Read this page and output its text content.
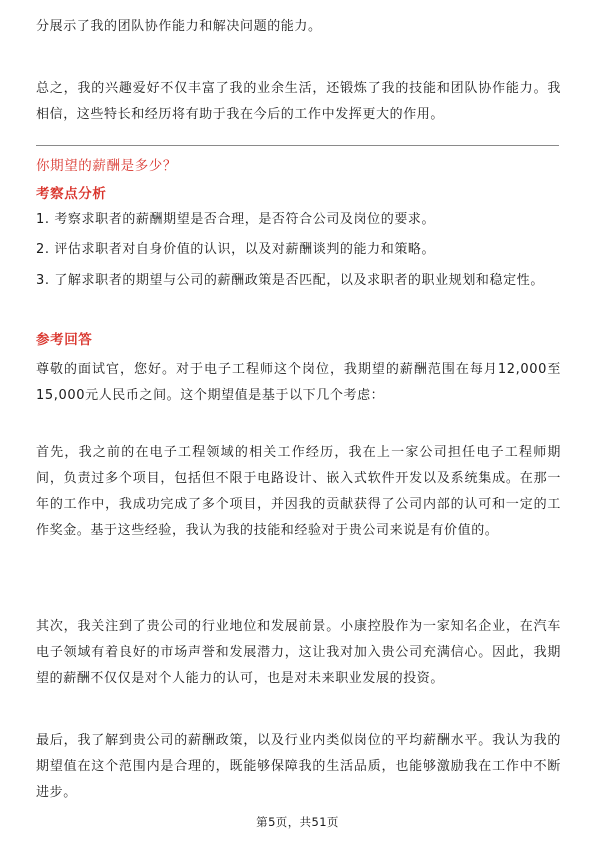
分展示了我的团队协作能力和解决问题的能力。

总之，我的兴趣爱好不仅丰富了我的业余生活，还锻炼了我的技能和团队协作能力。我相信，这些特长和经历将有助于我在今后的工作中发挥更大的作用。

你期望的薪酬是多少？

考察点分析

1. 考察求职者的薪酬期望是否合理，是否符合公司及岗位的要求。

2. 评估求职者对自身价值的认识，以及对薪酬谈判的能力和策略。

3. 了解求职者的期望与公司的薪酬政策是否匹配，以及求职者的职业规划和稳定性。

参考回答

尊敬的面试官，您好。对于电子工程师这个岗位，我期望的薪酬范围在每月12,000至15,000元人民币之间。这个期望值是基于以下几个考虑：

首先，我之前的在电子工程领域的相关工作经历，我在上一家公司担任电子工程师期间，负责过多个项目，包括但不限于电路设计、嵌入式软件开发以及系统集成。在那一年的工作中，我成功完成了多个项目，并因我的贡献获得了公司内部的认可和一定的工作奖金。基于这些经验，我认为我的技能和经验对于贵公司来说是有价值的。

其次，我关注到了贵公司的行业地位和发展前景。小康控股作为一家知名企业，在汽车电子领域有着良好的市场声誉和发展潜力，这让我对加入贵公司充满信心。因此，我期望的薪酬不仅仅是对个人能力的认可，也是对未来职业发展的投资。

最后，我了解到贵公司的薪酬政策，以及行业内类似岗位的平均薪酬水平。我认为我的期望值在这个范围内是合理的，既能够保障我的生活品质，也能够激励我在工作中不断进步。

第5页，共51页
